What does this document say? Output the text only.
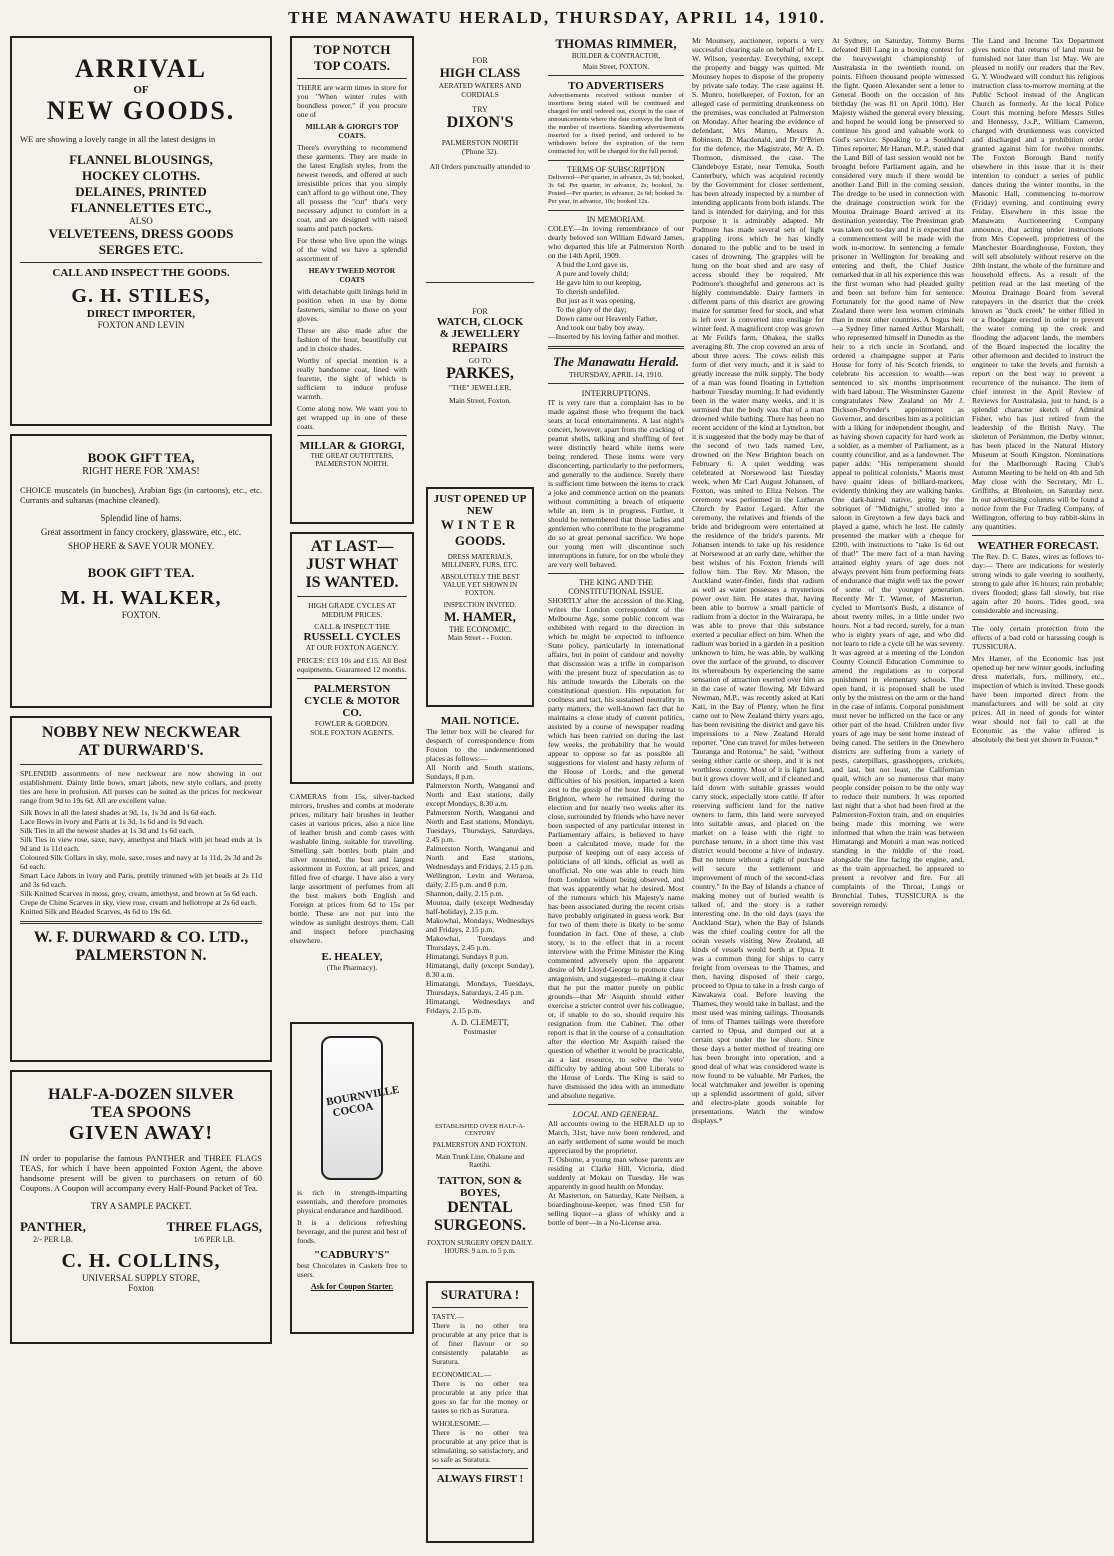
THE MANAWATU HERALD, THURSDAY, APRIL 14, 1910.
ARRIVAL
OF
NEW GOODS.
WE are showing a lovely range in all the latest designs in
FLANNEL BLOUSINGS,
HOCKEY CLOTHS.
DELAINES, PRINTED
FLANNELETTES ETC.,
ALSO
VELVETEENS, DRESS GOODS
SERGES ETC.
CALL AND INSPECT THE GOODS.
G. H. STILES,
DIRECT IMPORTER,
FOXTON AND LEVIN
BOOK GIFT TEA,
RIGHT HERE FOR 'XMAS!
CHOICE muscatels (in bunches), Arabian figs (in cartoons), etc., etc. Currants and sultanas (machine cleaned).
Splendid line of hams.
Great assortment in fancy crockery, glassware, etc., etc.
SHOP HERE & SAVE YOUR MONEY.
BOOK GIFT TEA.
M. H. WALKER,
FOXTON.
NOBBY NEW NECKWEAR
AT DURWARD'S.
SPLENDID assortments of new neckwear are now showing in our establishment. Dainty little bows, smart jabots, new style collars, and pretty ties are here in profusion. All purses can be suited as the prices for neckwear range from 9d to 19s 6d. All are excellent value.
Silk Bows in all the latest shades at 9d, 1s, 1s 3d and 1s 6d each.
Lace Bows in ivory and Paris at 1s 3d, 1s 6d and 1s 9d each.
Silk Ties in all the newest shades at 1s 3d and 1s 6d each.
Silk Ties in view rose, saxe, navy, amethyst and black with jet bead ends at 1s 9d and 1s 11d each.
Coloured Silk Collars in sky, mole, saxe, roses and navy at 1s 11d, 2s 3d and 2s 6d each.
Smart Lace Jabots in ivory and Paris, prettily trimmed with jet beads at 2s 11d and 3s 6d each.
Silk Knitted Scarves in moss, grey, cream, amethyst, and brown at 5s 6d each.
Crepe de Chine Scarves in sky, view rose, cream and heliotrope at 2s 6d each.
Knitted Silk and Beaded Scarves, 4s 6d to 19s 6d.
W. F. DURWARD & CO. LTD.,
PALMERSTON N.
HALF-A-DOZEN SILVER
TEA SPOONS
GIVEN AWAY!
IN order to popularise the famous PANTHER and THREE FLAGS TEAS, for which I have been appointed Foxton Agent, the above handsome present will be given to purchasers on return of 60 Coupons. A Coupon will accompany every Half-Pound Packet of Tea.
TRY A SAMPLE PACKET.
PANTHER,
2/- PER LB.
THREE FLAGS,
1/6 PER LB.
C. H. COLLINS,
UNIVERSAL SUPPLY STORE,
Foxton
TOP NOTCH
TOP COATS.
THERE are warm times in store for you "When winter rules with boundless power," if you procure one of
MILLAR & GIORGI'S TOP COATS.
There's everything to recommend these garments. They are made in the latest English styles, from the newest tweeds, and offered at such irresistible prices that you simply can't afford to go without one. They all possess the "cut" that's very necessary adjunct to comfort in a coat, and are designed with raised seams and patch pockets.
For those who live upon the wings of the wind we have a splendid assortment of
HEAVY TWEED MOTOR COATS
with detachable quilt linings held in position when in use by dome fasteners, similar to those on your gloves.
These are also made after the fashion of the hour, beautifully cut and in choice shades.
Worthy of special mention is a really handsome coat, lined with fearette, the sight of which is sufficient to induce profuse warmth.
Come along now. We want you to get wrapped up in one of these coats.
MILLAR & GIORGI,
THE GREAT OUTFITTERS,
PALMERSTON NORTH.
AT LAST—
JUST WHAT
IS WANTED.
HIGH GRADE CYCLES AT MEDIUM PRICES.
CALL & INSPECT THE
RUSSELL CYCLES
AT OUR FOXTON AGENCY.
PRICES: £13 10s and £15. All Best equipments. Guaranteed 12 months.
PALMERSTON CYCLE & MOTOR CO.
FOWLER & GORDON.
SOLE FOXTON AGENTS.
CAMERAS from 15s, silver-backed mirrors, brushes and combs at moderate prices, military hair brushes in leather cases at various prices, also a nice line of leather brush and comb cases with washable lining, suitable for travelling. Smelling salt bottles both plain and silver mounted, the best and largest assortment in Foxton, at all prices, and filled free of charge. I have also a very large assortment of perfumes from all the best makers both English and Foreign at prices from 6d to 15s per bottle. These are not put into the window as sunlight destroys them. Call and inspect before purchasing elsewhere.
E. HEALEY,
(The Pharmacy).
BOURNVILLE COCOA
is rich in strength-imparting essentials, and therefore promotes physical endurance and hardihood.
It is a delicious refreshing beverage, and the purest and best of foods.
"CADBURY'S"
best Chocolates in Caskets free to users.
Ask for Coupon Starter.
FOR
HIGH CLASS
AERATED WATERS AND CORDIALS
TRY
DIXON'S
PALMERSTON NORTH
('Phone 32).
All Orders punctually attended to
FOR
WATCH, CLOCK
& JEWELLERY
REPAIRS
GO TO
PARKES,
"THE" JEWELLER,
Main Street, Foxton.
JUST OPENED UP
NEW
WINTER
GOODS.
DRESS MATERIALS, MILLINERY, FURS, ETC.
ABSOLUTELY THE BEST VALUE YET SHOWN IN FOXTON.
INSPECTION INVITED.
M. HAMER,
THE ECONOMIC.
Main Street - - Foxton.
MAIL NOTICE.
The letter box will be cleared for despatch of correspondence from Foxton to the undermentioned places as follows:—
All North and South stations, Sundays, 8 p.m.
Palmerston North, Wanganui and North and East stations, daily except Mondays, 8.30 a.m.
Palmerston North, Wanganui and North and East stations, Mondays, Tuesdays, Thursdays, Saturdays, 2.45 p.m.
Palmerston North, Wanganui and North and East stations, Wednesdays and Fridays, 2.15 p.m.
Wellington, Levin and Weraroa, daily, 2.15 p.m. and 8 p.m.
Shannon, daily, 2.15 p.m.
Moutoa, daily (except Wednesday half-holiday), 2.15 p.m.
Makowhai, Mondays, Wednesdays and Fridays, 2.15 p.m.
Makowhai, Tuesdays and Thursdays, 2.45 p.m.
Himatangi, Sundays 8 p.m.
Himatangi, daily (except Sunday), 8.30 a.m.
Himatangi, Mondays, Tuesdays, Thursdays, Saturdays, 2.45 p.m.
Himatangi, Wednesdays and Fridays, 2.15 p.m.
A. D. CLEMETT,
Postmaster
ESTABLISHED OVER HALF-A-CENTURY
PALMERSTON AND FOXTON.
Main Trunk Line, Ohakune and Raetihi.
TATTON, SON & BOYES,
DENTAL
SURGEONS.
FOXTON SURGERY OPEN DAILY.
HOURS: 9 a.m. to 5 p.m.
SURATURA !
TASTY.—
There is no other tea procurable at any price that is of finer flavour or so consistently palatable as Suratura.
ECONOMICAL.—
There is no other tea procurable at any price that goes so far for the money or tastes so rich as Suratura.
WHOLESOME.—
There is no other tea procurable at any price that is stimulating, so satisfactory, and so safe as Suratura.
ALWAYS FIRST !
THOMAS RIMMER,
BUILDER & CONTRACTOR,
Main Street, FOXTON.
TO ADVERTISERS
Advertisements received without number of insertions being stated will be continued and charged for until ordered out, except in the case of announcements where the date conveys the limit of the number of insertions. Standing advertisements inserted for a fixed period, and ordered to be withdrawn before the expiration of the term contracted for, will be charged for the full period.
TERMS OF SUBSCRIPTION
Delivered—Per quarter, in advance, 2s 6d; booked, 3s 6d. Per quarter, in advance, 2s; booked, 3s. Posted—Per quarter, in advance, 2s 6d; booked 3s. Per year, in advance, 10s; booked 12s.
IN MEMORIAM.
COLEY.—In loving remembrance of our dearly beloved son William Edward James, who departed this life at Palmerston North on the 14th April, 1909.
A bud the Lord gave us,
A pure and lovely child;
He gave him to our keeping,
To cherish undefiled.
But just as it was opening,
To the glory of the day;
Down came our Heavenly Father,
And took our baby boy away.
—Inserted by his loving father and mother.
The Manawatu Herald.
THURSDAY, APRIL 14, 1910.
INTERRUPTIONS.
IT is very rare that a complaint has to be made against those who frequent the back seats at local entertainments. A last night's concert, however, apart from the cracking of peanut shells, talking and shuffling of feet were distinctly heard while items were being rendered. These items were very disconcerting, particularly to the performers, and generally to the audience. Surely there is sufficient time between the items to crack a joke and commence action on the peanuts without committing a breach of etiquette while an item is in progress. Further, it should be remembered that those ladies and gentlemen who contribute to the programme do so at great personal sacrifice. We hope our young men will discontinue such interruptions in future, for on the whole they are very well behaved.
THE KING AND THE CONSTITUTIONAL ISSUE.
SHORTLY after the accession of the King, writes the London correspondent of the Melbourne Age, some public concern was exhibited with regard to the direction in which he might be expected to influence State policy, particularly in international affairs, but in point of candour and novelty that discussion was a trifle in comparison with the present buzz of speculation as to his attitude towards the Liberals on the constitutional question. His reputation for coolness and tact, his sustained neutrality in party matters, the well-known fact that he maintains a close study of current politics, assisted by a course of newspaper reading which has been carried on during the last few weeks, the probability that he would appear to oppose so far as possible all suggestions for violent and hasty reform of the House of Lords, and the general difficulties of his position, imparted a keen zest to the gossip of the hour. His retreat to Brighton, where he remained during the election and for nearly two weeks after its close, surrounded by friends who have never been suspected of any particular interest in Parliamentary affairs, is believed to have been a calculated move, made for the purpose of keeping out of easy access of politicians of all kinds, official as well as unofficial. No one was able to reach him from London without being observed, and that was apparently what he desired. Most of the rumours which his Majesty's name has been associated during the recent crisis have probably originated in guess work. But for two of them there is likely to be some foundation in fact. One of these, a club story, is to the effect that in a recent interview with the Prime Minister the King commented adversely upon the apparent desire of Mr Lloyd-George to promote class antagonism, and suggested—making it clear that he put the matter purely on public grounds—that Mr Asquith should either exercise a stricter control over his colleague, or, if unable to do so, should require his resignation from the Cabinet. The other report is that in the course of a consultation after the election Mr Asquith raised the question of whether it would be practicable, as a last resource, to solve the 'veto' difficulty by adding about 500 Liberals to the House of Lords. The King is said to have dismissed the idea with an immediate and absolute negative.
LOCAL AND GENERAL.
All accounts owing to the HERALD up to March, 31st, have now been rendered, and an early settlement of same would be much appreciated by the proprietor.
T. Osborne, a young man whose parents are residing at Clarke Hill, Victoria, died suddenly at Mokau on Tuesday. He was apparently in good health on Monday.
At Masterton, on Saturday, Kate Neilsen, a boardinghouse-keeper, was fined £50 for selling liquor—a glass of whisky and a bottle of beer—in a No-License area.
Mr Mounsey, auctioneer, reports a very successful clearing sale on behalf of Mr L. W. Wilson, yesterday. Everything, except the property and buggy was quitted. Mr Mounsey hopes to dispose of the property by private sale today. The case against H. S. Munro, hotelkeeper, of Foxton, for an alleged case of permitting drunkenness on the premises, was concluded at Palmerston on Monday. After hearing the evidence of defendant, Mrs Munro, Messrs A. Robinson, D. Macdonald, and Dr O'Brien for the defence, the Magistrate, Mr A. D. Thomson, dismissed the case. The Clandeboye Estate, near Temuka, South Canterbury, which was acquired recently by the Government for closer settlement, has been already inspected by a number of intending applicants from both islands. The land is intended for dairying, and for this purpose it is admirably adapted. Mr Podmore has made several sets of light grappling irons which he has kindly donated to the public and to be used in cases of drowning. The grapples will be hung on the boat shed and are easy of access should they be required. Mr Podmore's thoughtful and generous act is highly commendable. Dairy farmers in different parts of this district are growing maize for summer feed for stock, and what is left over is converted into ensilage for winter feed. A magnificent crop was grown at Mr Feild's farm, Ohakea, the stalks averaging 8ft. The crop covered an area of about three acres. The cows relish this form of diet very much, and it is said to greatly increase the milk supply. The body of a man was found floating in Lyttelton harbour Tuesday morning. It had evidently been in the water many weeks, and it is surmised that the body was that of a man drowned while bathing. There has been no recent accident of the kind at Lyttelton, but it is suggested that the body may be that of the second of two lads named Lee, drowned on the New Brighton beach on February 6. A quiet wedding was celebrated at Norsewood last Tuesday week, when Mr Carl August Johansen, of Foxton, was united to Eliza Nelson. The ceremony was performed in the Lutheran Church by Pastor Legard. After the ceremony, the relatives and friends of the bride and bridegroom were entertained at the residence of the bride's parents. Mr Johansen intends to take up his residence at Norsewood at an early date, whither the best wishes of his Foxton friends will follow him. The Rev. Mr Mason, the Auckland water-finder, finds that radium as well as water possesses a mysterious power over him. He states that, having been able to borrow a small particle of radium from a doctor in the Wairarapa, he was able to prove that this substance exerted a peculiar effect on him. When the radium was buried in a garden in a position unknown to him, he was able, by walking over the surface of the ground, to discover its whereabouts by experiencing the same sensation of attraction exerted over him as in the case of water flowing. Mr Edward Newman, M.P., was recently asked at Kati Kati, in the Bay of Plenty, when he first came out to New Zealand thirty years ago, has been revisiting the district and gave his impressions to a New Zealand Herald reporter. "One can travel for miles between Tauranga and Rotorua," he said, "without seeing either cattle or sheep, and it is not worthless country. Most of it is light land, but it grows clover well, and if cleaned and laid down with suitable grasses would carry stock, especially store cattle. If after reserving sufficient land for the native owners to farm, this land were surveyed into suitable areas, and placed on the market on a lease with the right to purchase tenure, in a short time this vast district would become a hive of industry. But no tenure without a right of purchase will secure the settlement and improvement of much of the second-class country." In the Bay of Islands a chance of making money out of buried wealth is talked of, and the story is a rather interesting one. In the old days (says the Auckland Star), when the Bay of Islands was the chief coaling centre for all the ocean vessels visiting New Zealand, all kinds of vessels would berth at Opua. It was a common thing for ships to carry freight from overseas to the Thames, and then, having disposed of their cargo, proceed to Opua to take in a fresh cargo of Kawakawa coal. Before leaving the Thames, they would take in ballast, and the most used was mining tailings. Thousands of tons of Thames tailings were therefore carried to Opua, and dumped out at a certain spot under the lee shore. Since those days a better method of treating ore has been brought into operation, and a good deal of what was considered waste is now found to be valuable. Mr Parkes, the local watchmaker and jeweller is opening up a splendid assortment of gold, silver and electro-plate goods suitable for presentations. Watch the window displays.*
At Sydney, on Saturday, Tommy Burns defeated Bill Lang in a boxing contest for the heavyweight championship of Australasia in the twentieth round, on points. Fifteen thousand people witnessed the fight. Queen Alexander sent a letter to General Booth on the occasion of his birthday (he was 81 on April 10th). Her Majesty wished the general every blessing, and hoped he would long be preserved to continue his good and valuable work to God's service. Speaking to a Southland Times reporter, Mr Hanan, M.P., stated that the Land Bill of last session would not be brought before Parliament again, and he considered very much if there would be another Land Bill in the coming session. The dredge to be used in connection with the drainage construction work for the Moutoa Drainage Board arrived at its destination yesterday. The Preestman grab was taken out to-day and it is expected that a commencement will be made with the work to-morrow. In sentencing a female prisoner in Wellington for breaking and entering and theft, the Chief Justice remarked that in all his experience this was the first woman who had pleaded guilty and been set before him for sentence. Fortunately for the good name of New Zealand there were less women criminals than in most other countries. A bogus heir—a Sydney fitter named Arthur Marshall, who represented himself in Dunedin as the heir to a rich uncle in Scotland, and ordered a champagne supper at Paris House for forty of his Scotch friends, to celebrate his accession to wealth—was sentenced to six months imprisonment with hard labour. The Westminster Gazette congratulates New Zealand on Mr J. Dickson-Poynder's appointment as Governor, and describes him as a politician with a liking for independent thought, and as having shown capacity for hard work as a soldier, as a member of Parliament, as a county councillor, and as a landowner. The paper adds: "His temperament should appeal to political colonists." Maoris must have quaint ideas of billiard-markers, evidently thinking they are walking banks. One dark-haired native, going by the sobriquet of "Midnight," strolled into a saloon in Greytown a few days back and played a game, which he lost. He calmly presented the marker with a cheque for £200, with instructions to "take 1s 6d out of that!" The mere fact of a man having attained eighty years of age does not always prevent him from performing feats of endurance that might well tax the power of some of the younger generation. Recently Mr T. Warner, of Masterton, cycled to Morrison's Bush, a distance of about twenty miles, in a little under two hours. Not a bad record, surely, for a man who is eighty years of age, and who did not learn to ride a cycle till he was seventy. It was agreed at a meeting of the London County Council Education Committee to amend the regulations as to corporal punishment in elementary schools. The open hand, it is proposed shall be used only by the mistress on the arm or the hand in the case of infants. Corporal punishment must never be inflicted on the face or any other part of the head. Children under five years of age may be sent home instead of being caned. The settlers in the Onewhero districts are suffering from a variety of pests, caterpillars, grasshoppers, crickets, and last, but not least, the Californian quail, which are so numerous that many people consider poison to be the only way to reduce their numbers. It was reported last night that a shot had been fired at the Palmerston-Foxton train, and on enquiries being made this morning we were informed that when the train was between Himatangi and Motuiti a man was noticed standing in the middle of the road, alongside the line facing the engine, and, as the train approached, he appeared to present a revolver and fire. For all complaints of the Throat, Lungs or Bronchial Tubes, TUSSICURA is the sovereign remedy.
The Land and Income Tax Department gives notice that returns of land must be furnished not later than 1st May. We are pleased to notify our readers that the Rev. G. Y. Woodward will conduct his religious instruction class to-morrow morning at the Public School instead of the Anglican Church as formerly. At the local Police Court this morning before Messrs Stiles and Hennessy, J.s.P., William Cameron, charged with drunkenness was convicted and discharged and a prohibition order granted against him for twelve months. The Foxton Borough Band notify elsewhere in this issue that it is their intention to conduct a series of public dances during the winter months, in the Masonic Hall, commencing to-morrow (Friday) evening, and continuing every Friday. Elsewhere in this issue the Manawatu Auctioneering Company announce, that acting under instructions from Mrs Copewell, proprietress of the Manchester Boardinghouse, Foxton, they will sell absolutely without reserve on the 20th instant, the whole of the furniture and household effects. As a result of the petition read at the last meeting of the Moutoa Drainage Board from several ratepayers in the district that the creek known as "duck creek" be either filled in or a floodgate erected in order to prevent the water coming up the creek and flooding the adjacent lands, the members of the Board inspected the locality the other afternoon and decided to instruct the engineer to take the levels and furnish a report on the best way to prevent a recurrence of the nuisance. The item of chief interest in the April Review of Reviews for Australasia, just to hand, is a splendid character sketch of Admiral Fisher, who has just retired from the leadership of the British Navy. The skeleton of Persimmon, the Derby winner, has been placed in the Natural History Museum at South Kingston. Nominations for the Marlborough Racing Club's Autumn Meeting to be held on 4th and 5th May close with the Secretary, Mr L. Griffiths, at Blenheim, on Saturday next. In our advertising columns will be found a notice from the Fur Trading Company, of Wellington, offering to buy rabbit-skins in any quantities.
WEATHER FORECAST.
The Rev. D. C. Bates, wires as follows to-day:— There are indications for westerly strong winds to gale veering to southerly, strong to gale after 16 hours; rain probable; rivers flooded; glass fall slowly, but rise again after 20 hours. Tides good, sea considerable and increasing.
The only certain protection from the effects of a bad cold or harassing cough is TUSSICURA.
Mrs Hamer, of the Economic has just opened up her new winter goods, including dress materials, furs, millinery, etc., inspection of which is invited. These goods have been imported direct from the manufacturers and will be sold at city prices. All in need of goods for winter wear should not fail to call at the Economic as the value offered is absolutely the best yet shown in Foxton.*
